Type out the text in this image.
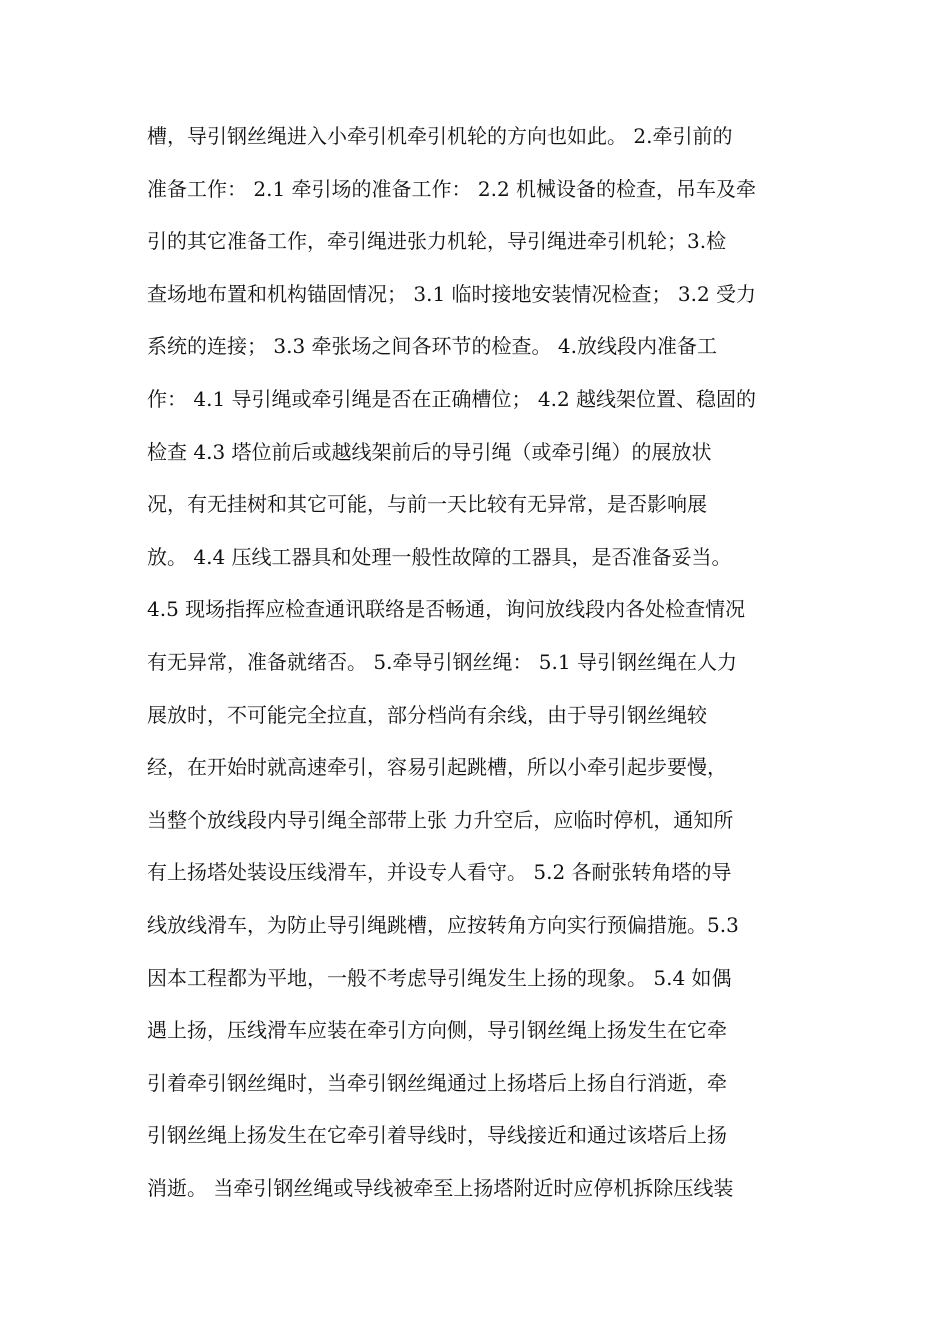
槽，导引钢丝绳进入小牵引机牵引机轮的方向也如此。 2.牵引前的
准备工作： 2.1 牵引场的准备工作： 2.2 机械设备的检查，吊车及牵
引的其它准备工作，牵引绳进张力机轮，导引绳进牵引机轮；3.检
查场地布置和机构锚固情况； 3.1 临时接地安装情况检查； 3.2 受力
系统的连接； 3.3 牵张场之间各环节的检查。 4.放线段内准备工
作： 4.1 导引绳或牵引绳是否在正确槽位； 4.2 越线架位置、稳固的
检查 4.3 塔位前后或越线架前后的导引绳（或牵引绳）的展放状
况，有无挂树和其它可能，与前一天比较有无异常，是否影响展
放。 4.4 压线工器具和处理一般性故障的工器具，是否准备妥当。
4.5 现场指挥应检查通讯联络是否畅通，询问放线段内各处检查情况
有无异常，准备就绪否。 5.牵导引钢丝绳： 5.1 导引钢丝绳在人力
展放时，不可能完全拉直，部分档尚有余线，由于导引钢丝绳较
经，在开始时就高速牵引，容易引起跳槽，所以小牵引起步要慢，
当整个放线段内导引绳全部带上张 力升空后，应临时停机，通知所
有上扬塔处装设压线滑车，并设专人看守。 5.2 各耐张转角塔的导
线放线滑车，为防止导引绳跳槽，应按转角方向实行预偏措施。5.3
因本工程都为平地，一般不考虑导引绳发生上扬的现象。 5.4 如偶
遇上扬，压线滑车应装在牵引方向侧，导引钢丝绳上扬发生在它牵
引着牵引钢丝绳时，当牵引钢丝绳通过上扬塔后上扬自行消逝，牵
引钢丝绳上扬发生在它牵引着导线时，导线接近和通过该塔后上扬
消逝。 当牵引钢丝绳或导线被牵至上扬塔附近时应停机拆除压线装
